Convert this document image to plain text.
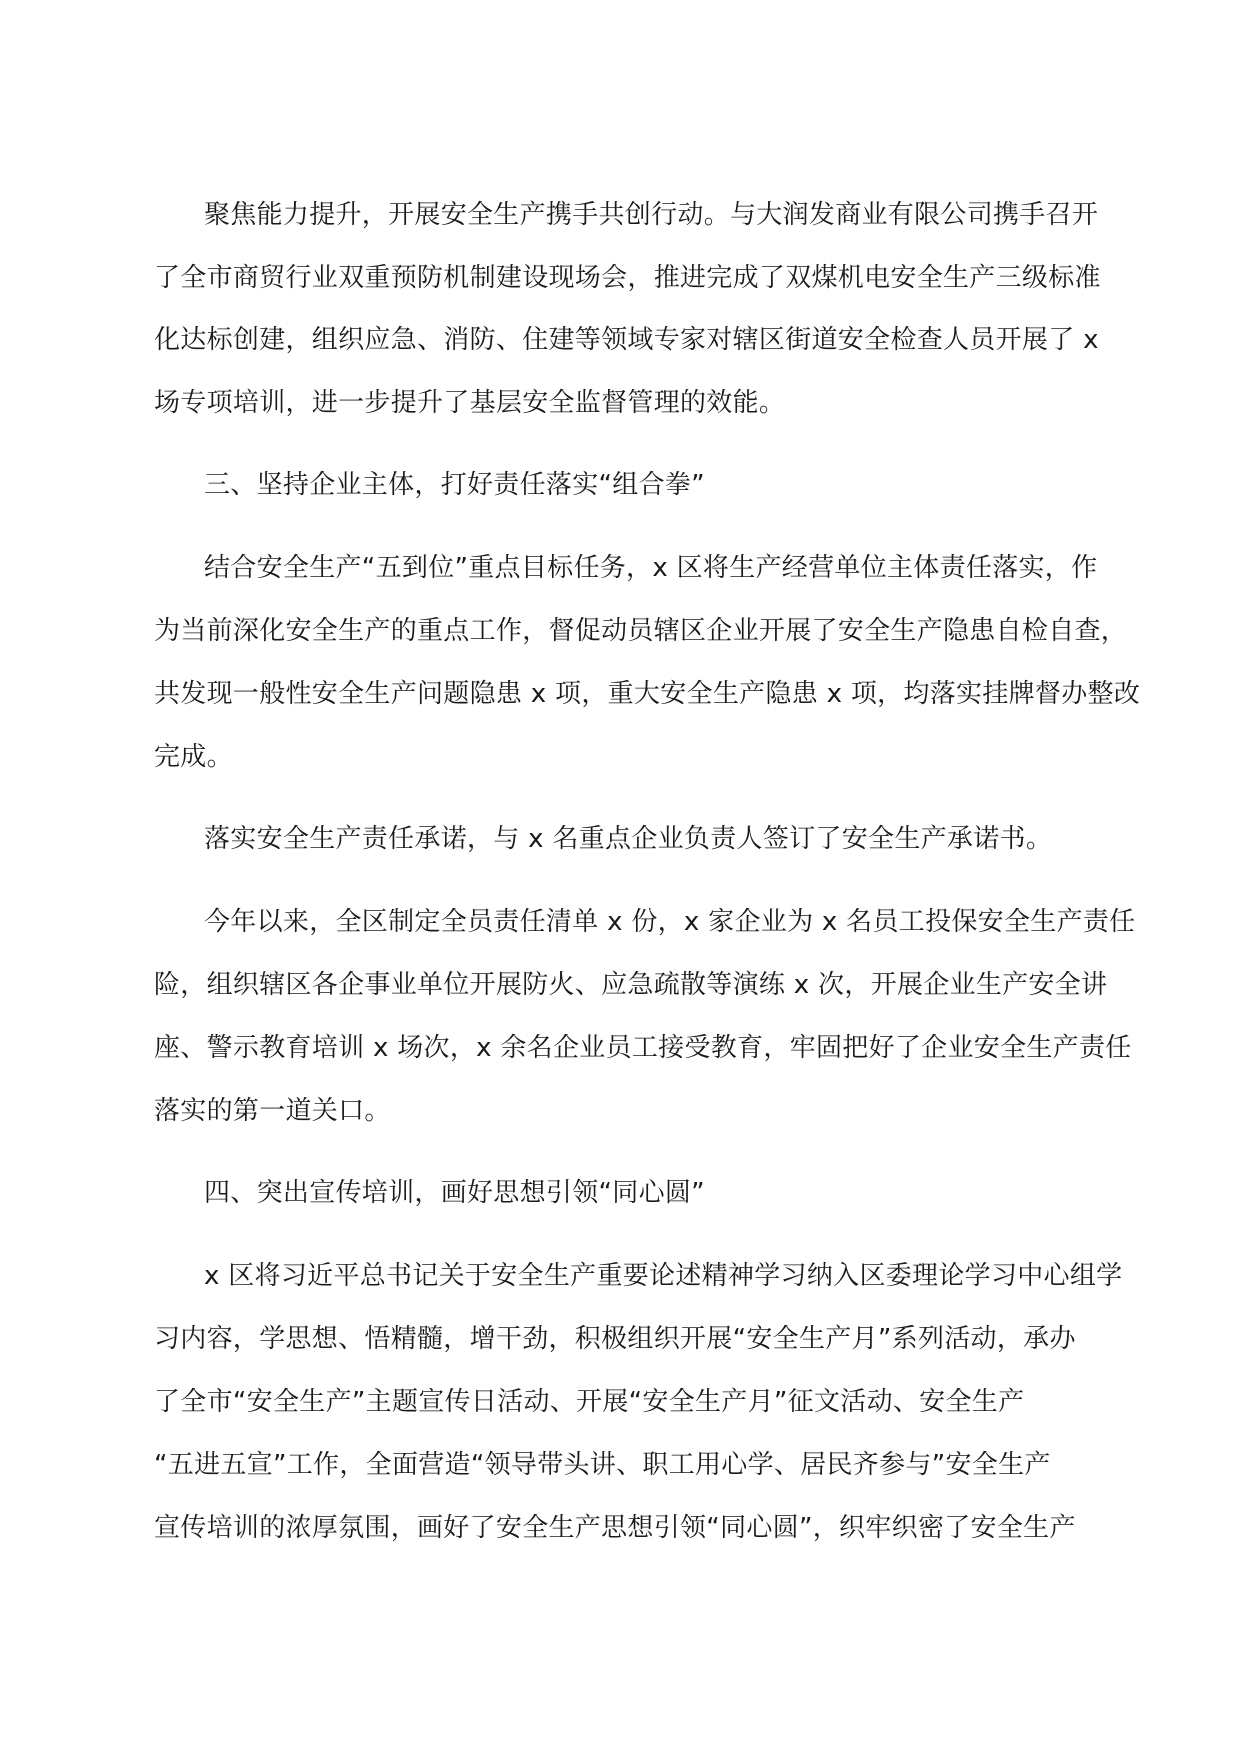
聚焦能力提升，开展安全生产携手共创行动。与大润发商业有限公司携手召开
了全市商贸行业双重预防机制建设现场会，推进完成了双煤机电安全生产三级标准
化达标创建，组织应急、消防、住建等领域专家对辖区街道安全检查人员开展了 x
场专项培训，进一步提升了基层安全监督管理的效能。
三、坚持企业主体，打好责任落实“组合拳”
结合安全生产“五到位”重点目标任务，x 区将生产经营单位主体责任落实，作
为当前深化安全生产的重点工作，督促动员辖区企业开展了安全生产隐患自检自查，
共发现一般性安全生产问题隐患 x 项，重大安全生产隐患 x 项，均落实挂牌督办整改
完成。
落实安全生产责任承诺，与 x 名重点企业负责人签订了安全生产承诺书。
今年以来，全区制定全员责任清单 x 份，x 家企业为 x 名员工投保安全生产责任
险，组织辖区各企事业单位开展防火、应急疏散等演练 x 次，开展企业生产安全讲
座、警示教育培训 x 场次，x 余名企业员工接受教育，牢固把好了企业安全生产责任
落实的第一道关口。
四、突出宣传培训，画好思想引领“同心圆”
x 区将习近平总书记关于安全生产重要论述精神学习纳入区委理论学习中心组学
习内容，学思想、悟精髓，增干劲，积极组织开展“安全生产月”系列活动，承办
了全市“安全生产”主题宣传日活动、开展“安全生产月”征文活动、安全生产
“五进五宣”工作，全面营造“领导带头讲、职工用心学、居民齐参与”安全生产
宣传培训的浓厚氛围，画好了安全生产思想引领“同心圆”，织牢织密了安全生产
